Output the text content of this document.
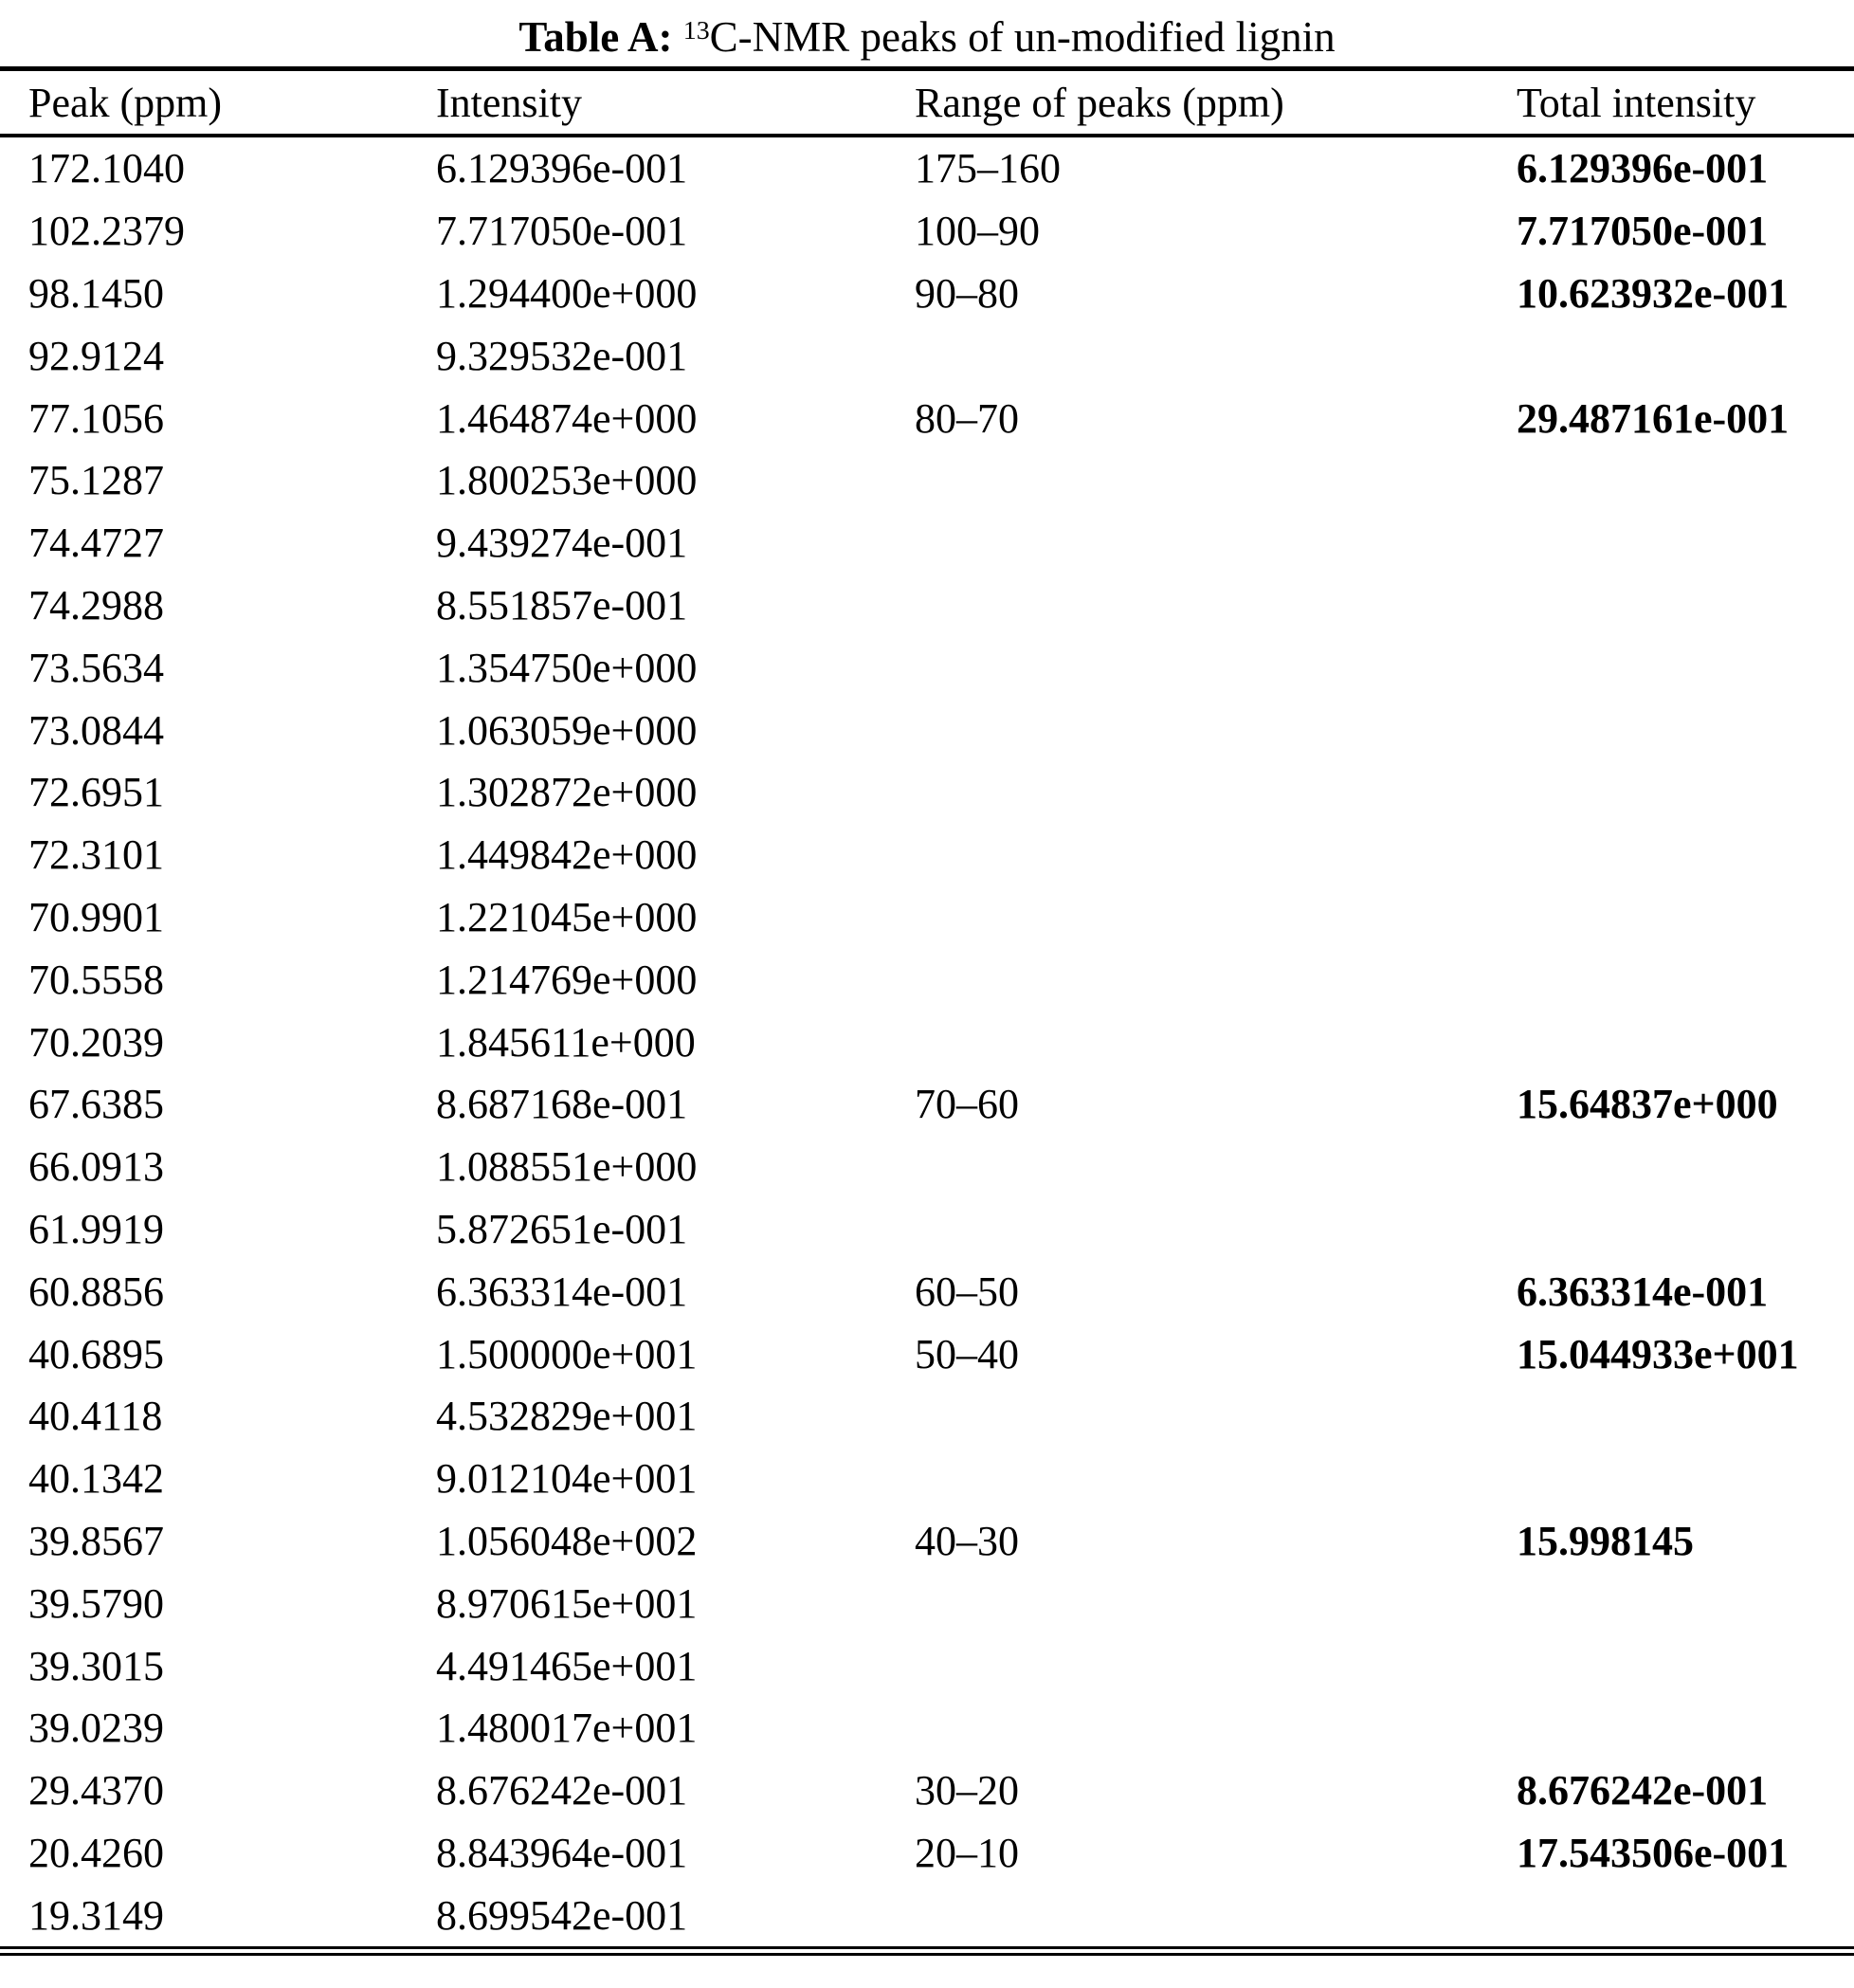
Table A: $^{13}$C-NMR peaks of un-modified lignin
Peak (ppm)	Intensity	Range of peaks (ppm)	Total intensity
172.1040	6.129396e-001	175–160	6.129396e-001
102.2379	7.717050e-001	100–90	7.717050e-001
98.1450	1.294400e+000	90–80	10.623932e-001
92.9124	9.329532e-001		
77.1056	1.464874e+000	80–70	29.487161e-001
75.1287	1.800253e+000		
74.4727	9.439274e-001		
74.2988	8.551857e-001		
73.5634	1.354750e+000		
73.0844	1.063059e+000		
72.6951	1.302872e+000		
72.3101	1.449842e+000		
70.9901	1.221045e+000		
70.5558	1.214769e+000		
70.2039	1.845611e+000		
67.6385	8.687168e-001	70–60	15.64837e+000
66.0913	1.088551e+000		
61.9919	5.872651e-001		
60.8856	6.363314e-001	60–50	6.363314e-001
40.6895	1.500000e+001	50–40	15.044933e+001
40.4118	4.532829e+001		
40.1342	9.012104e+001		
39.8567	1.056048e+002	40–30	15.998145
39.5790	8.970615e+001		
39.3015	4.491465e+001		
39.0239	1.480017e+001		
29.4370	8.676242e-001	30–20	8.676242e-001
20.4260	8.843964e-001	20–10	17.543506e-001
19.3149	8.699542e-001		
